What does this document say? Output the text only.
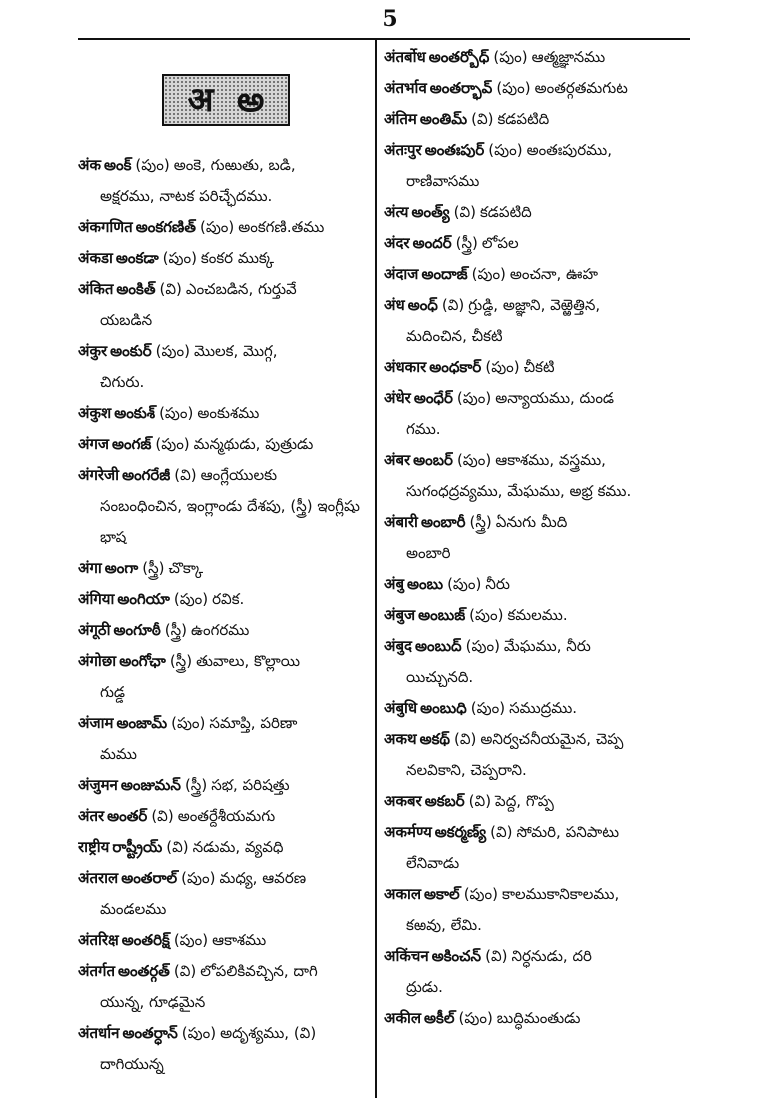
5
अ అ

अंक అంక్ (పుం) అంకె, గుఱుతు, బడి,
అక్షరము, నాటక పరిచ్ఛేదము.

अंकगणित అంకగణిత్ (పుం) అంకగణి.తము

अंकडा అంకడా (పుం) కంకర ముక్క

अंकित అంకిత్ (వి) ఎంచబడిన, గుర్తువే
యబడిన

अंकुर అంకుర్ (పుం) మొలక, మొగ్గ,
చిగురు.

अंकुश అంకుశ్ (పుం) అంకుశము

अंगज అంగజ్ (పుం) మన్మథుడు, పుత్రుడు

अंगरेजी అంగరేజీ (వి) ఆంగ్లేయులకు
సంబంధించిన, ఇంగ్లాండు దేశపు, (స్త్రీ) ఇంగ్లీషు భాష

अंगा అంగా (స్త్రీ) చొక్కా

अंगिया అంగియా (పుం) రవిక.

अंगूठी అంగూఠీ (స్త్రీ) ఉంగరము

अंगोछा అంగోఛా (స్త్రీ) తువాలు, కొల్లాయి
గుడ్డ

अंजाम అంజామ్ (పుం) సమాప్తి, పరిణా
మము

अंजुमन అంజుమన్ (స్త్రీ) సభ, పరిషత్తు

अंतर అంతర్ (వి) అంతర్దేశీయమగు

राष्ट्रीय రాష్ట్రీయ్ (వి) నడుమ, వ్యవధి

अंतराल అంతరాల్ (పుం) మధ్య, ఆవరణ
మండలము

अंतरिक्ष అంతరిక్ష్ (పుం) ఆకాశము

अंतर्गत అంతర్గత్ (వి) లోపలికివచ్చిన, దాగి
యున్న, గూఢమైన

अंतर्धान అంతర్ధాన్ (పుం) అదృశ్యము, (వి)
దాగియున్న

अंतर्बोध అంతర్బోధ్ (పుం) ఆత్మజ్ఞానము

अंतर्भाव అంతర్భావ్ (పుం) అంతర్గతమగుట

अंतिम అంతిమ్ (వి) కడపటిది

अंतःपुर అంతఃపుర్ (పుం) అంతఃపురము,
రాణివాసము

अंत्य అంత్య్ (వి) కడపటిది

अंदर అందర్ (స్త్రీ) లోపల

अंदाज అందాజ్ (పుం) అంచనా, ఊహ

अंध అంధ్ (వి) గ్రుడ్డి, అజ్ఞాని, వెఱ్ఱెత్తిన,
మదించిన, చీకటి

अंधकार అంధకార్ (పుం) చీకటి

अंधेर అంధేర్ (పుం) అన్యాయము, దుండ
గము.

अंबर అంబర్ (పుం) ఆకాశము, వస్త్రము,
సుగంధద్రవ్యము, మేఘము, అభ్ర కము.

अंबारी అంబారీ (స్త్రీ) ఏనుగు మీది
అంబారి

अंबु అంబు (పుం) నీరు

अंबुज అంబుజ్ (పుం) కమలము.

अंबुद అంబుద్ (పుం) మేఘము, నీరు
యిచ్చునది.

अंबुधि అంబుధి (పుం) సముద్రము.

अकथ అకథ్ (వి) అనిర్వచనీయమైన, చెప్ప
నలవికాని, చెప్పరాని.

अकबर అకబర్ (వి) పెద్ద, గొప్ప

अकर्मण्य అకర్మణ్య్ (వి) సోమరి, పనిపాటు
లేనివాడు

अकाल అకాల్ (పుం) కాలముకానికాలము,
కఱవు, లేమి.

अकिंचन అకించన్ (వి) నిర్ధనుడు, దరి
ద్రుడు.

अकील అకీల్ (పుం) బుద్ధిమంతుడు
